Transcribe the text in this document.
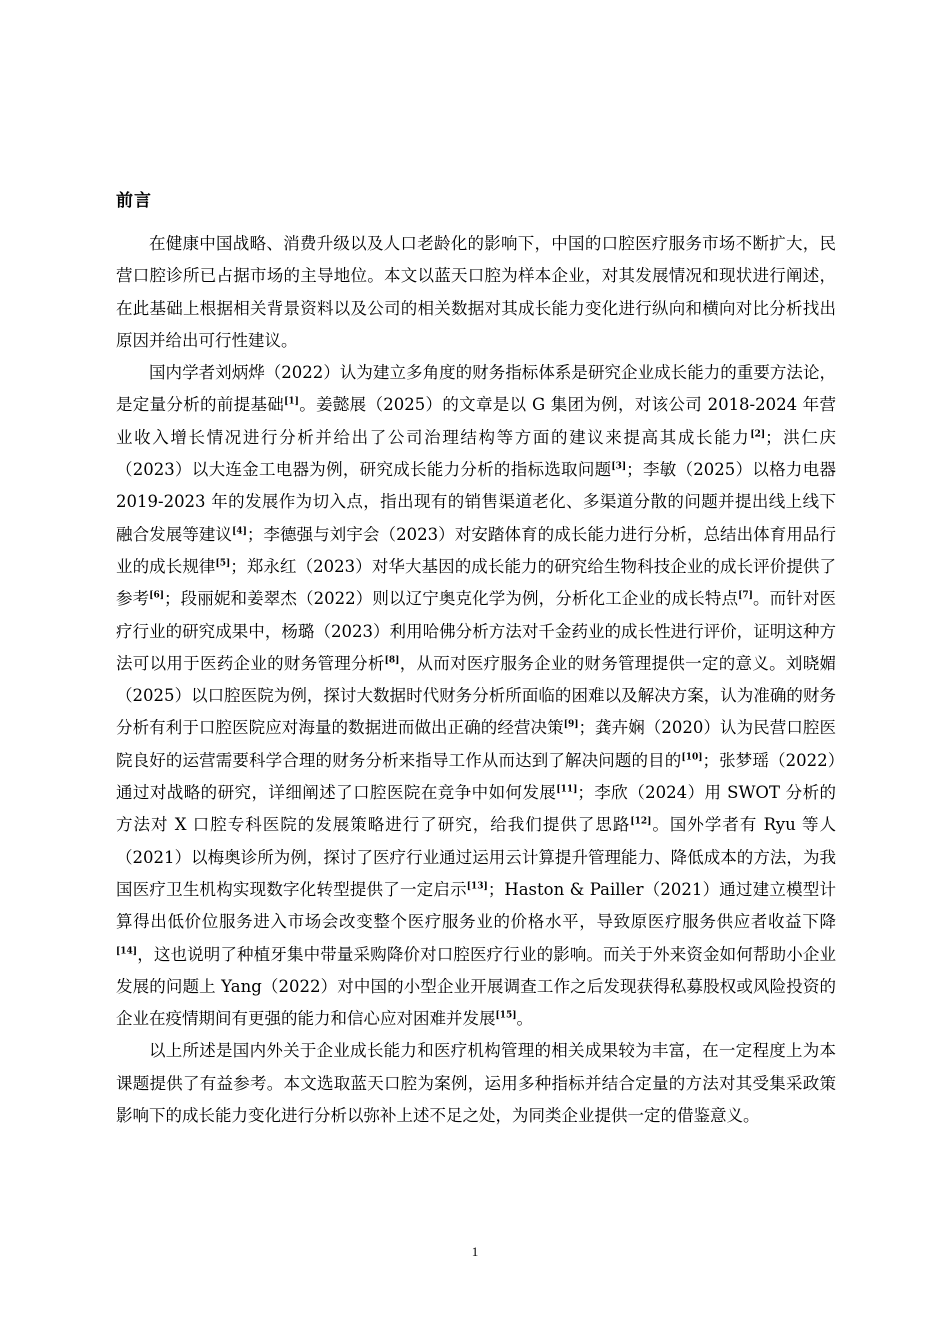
前言

在健康中国战略、消费升级以及人口老龄化的影响下，中国的口腔医疗服务市场不断扩大，民营口腔诊所已占据市场的主导地位。本文以蓝天口腔为样本企业，对其发展情况和现状进行阐述，在此基础上根据相关背景资料以及公司的相关数据对其成长能力变化进行纵向和横向对比分析找出原因并给出可行性建议。

国内学者刘炳烨（2022）认为建立多角度的财务指标体系是研究企业成长能力的重要方法论，是定量分析的前提基础[1]。姜懿展（2025）的文章是以 G 集团为例，对该公司 2018-2024 年营业收入增长情况进行分析并给出了公司治理结构等方面的建议来提高其成长能力[2]；洪仁庆（2023）以大连金工电器为例，研究成长能力分析的指标选取问题[3]；李敏（2025）以格力电器 2019-2023 年的发展作为切入点，指出现有的销售渠道老化、多渠道分散的问题并提出线上线下融合发展等建议[4]；李德强与刘宇会（2023）对安踏体育的成长能力进行分析，总结出体育用品行业的成长规律[5]；郑永红（2023）对华大基因的成长能力的研究给生物科技企业的成长评价提供了参考[6]；段丽妮和姜翠杰（2022）则以辽宁奥克化学为例，分析化工企业的成长特点[7]。而针对医疗行业的研究成果中，杨璐（2023）利用哈佛分析方法对千金药业的成长性进行评价，证明这种方法可以用于医药企业的财务管理分析[8]，从而对医疗服务企业的财务管理提供一定的意义。刘晓媚（2025）以口腔医院为例，探讨大数据时代财务分析所面临的困难以及解决方案，认为准确的财务分析有利于口腔医院应对海量的数据进而做出正确的经营决策[9]；龚卉娴（2020）认为民营口腔医院良好的运营需要科学合理的财务分析来指导工作从而达到了解决问题的目的[10]；张梦瑶（2022）通过对战略的研究，详细阐述了口腔医院在竞争中如何发展[11]；李欣（2024）用 SWOT 分析的方法对 X 口腔专科医院的发展策略进行了研究，给我们提供了思路[12]。国外学者有 Ryu 等人（2021）以梅奥诊所为例，探讨了医疗行业通过运用云计算提升管理能力、降低成本的方法，为我国医疗卫生机构实现数字化转型提供了一定启示[13]；Haston & Pailler（2021）通过建立模型计算得出低价位服务进入市场会改变整个医疗服务业的价格水平，导致原医疗服务供应者收益下降[14]，这也说明了种植牙集中带量采购降价对口腔医疗行业的影响。而关于外来资金如何帮助小企业发展的问题上 Yang（2022）对中国的小型企业开展调查工作之后发现获得私募股权或风险投资的企业在疫情期间有更强的能力和信心应对困难并发展[15]。

以上所述是国内外关于企业成长能力和医疗机构管理的相关成果较为丰富，在一定程度上为本课题提供了有益参考。本文选取蓝天口腔为案例，运用多种指标并结合定量的方法对其受集采政策影响下的成长能力变化进行分析以弥补上述不足之处，为同类企业提供一定的借鉴意义。

1
